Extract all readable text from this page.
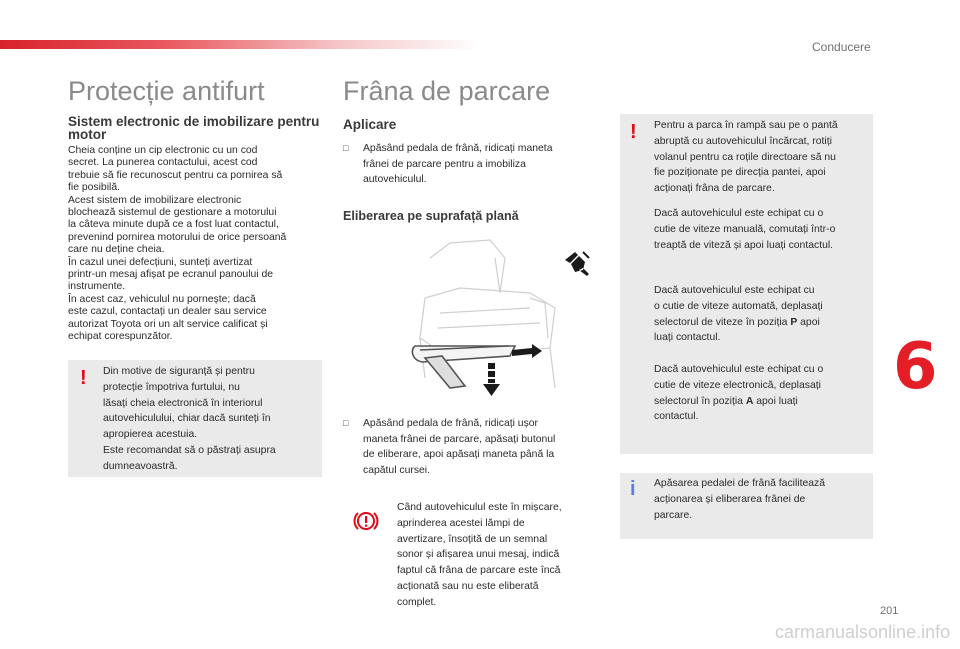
Conducere
Protecție antifurt
Sistem electronic de imobilizare pentru motor
Cheia conține un cip electronic cu un cod
secret. La punerea contactului, acest cod
trebuie să fie recunoscut pentru ca pornirea să
fie posibilă.
Acest sistem de imobilizare electronic
blochează sistemul de gestionare a motorului
la câteva minute după ce a fost luat contactul,
prevenind pornirea motorului de orice persoană
care nu deține cheia.
În cazul unei defecțiuni, sunteți avertizat
printr-un mesaj afișat pe ecranul panoului de
instrumente.
În acest caz, vehiculul nu pornește; dacă
este cazul, contactați un dealer sau service
autorizat Toyota ori un alt service calificat și
echipat corespunzător.
! Din motive de siguranță și pentru
protecție împotriva furtului, nu
lăsați cheia electronică în interiorul
autovehiculului, chiar dacă sunteți în
apropierea acestuia.
Este recomandat să o păstrați asupra
dumneavoastră.
Frâna de parcare
Aplicare
□ Apăsând pedala de frână, ridicați maneta
frânei de parcare pentru a imobiliza
autovehiculul.
Eliberarea pe suprafață plană
□ Apăsând pedala de frână, ridicați ușor
maneta frânei de parcare, apăsați butonul
de eliberare, apoi apăsați maneta până la
capătul cursei.
Când autovehiculul este în mișcare,
aprinderea acestei lămpi de
avertizare, însoțită de un semnal
sonor și afișarea unui mesaj, indică
faptul că frâna de parcare este încă
acționată sau nu este eliberată
complet.
! Pentru a parca în rampă sau pe o pantă
abruptă cu autovehiculul încărcat, rotiți
volanul pentru ca roțile directoare să nu
fie poziționate pe direcția pantei, apoi
acționați frâna de parcare.
Dacă autovehiculul este echipat cu o
cutie de viteze manuală, comutați într-o
treaptă de viteză și apoi luați contactul.
Dacă autovehiculul este echipat cu
o cutie de viteze automată, deplasați
selectorul de viteze în poziția P apoi
luați contactul.
Dacă autovehiculul este echipat cu o
cutie de viteze electronică, deplasați
selectorul în poziția A apoi luați
contactul.
i Apăsarea pedalei de frână facilitează
acționarea și eliberarea frânei de
parcare.
6
201
carmanualsonline.info
